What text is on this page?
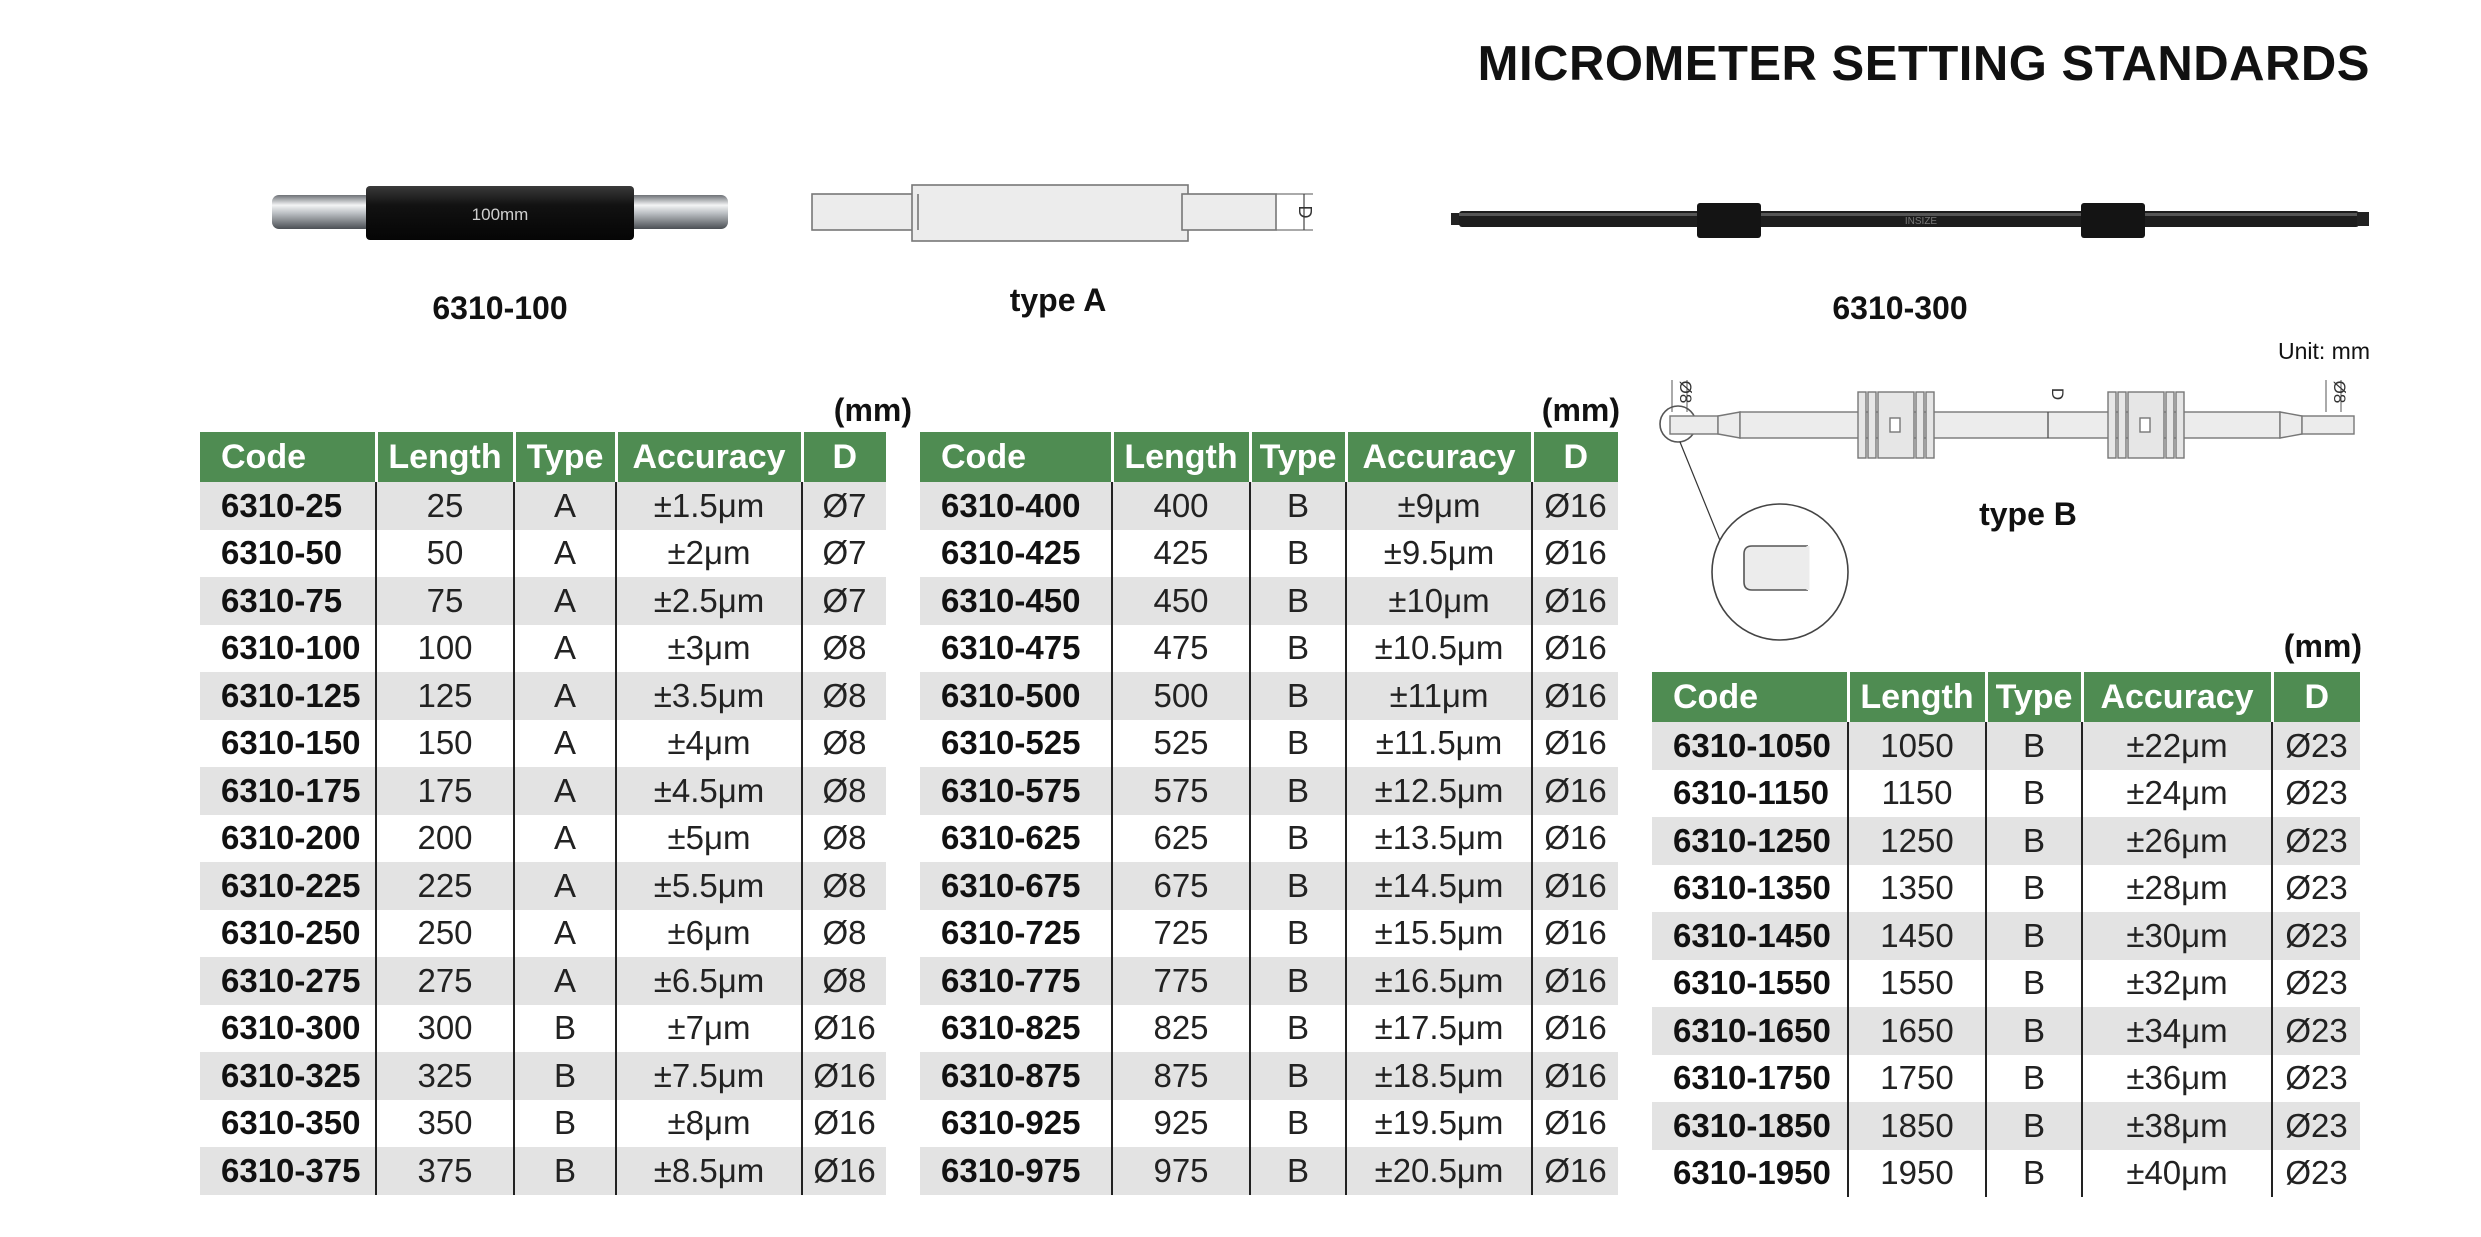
MICROMETER SETTING STANDARDS
100mm
6310-100
D
type A
INSIZE
6310-300
Unit: mm
Ø8	D	Ø8
type B
(mm)	(mm)
(mm)
Code	Length	Type	Accuracy	D
6310-25	25	A	±1.5μm	Ø7
6310-50	50	A	±2μm	Ø7
6310-75	75	A	±2.5μm	Ø7
6310-100	100	A	±3μm	Ø8
6310-125	125	A	±3.5μm	Ø8
6310-150	150	A	±4μm	Ø8
6310-175	175	A	±4.5μm	Ø8
6310-200	200	A	±5μm	Ø8
6310-225	225	A	±5.5μm	Ø8
6310-250	250	A	±6μm	Ø8
6310-275	275	A	±6.5μm	Ø8
6310-300	300	B	±7μm	Ø16
6310-325	325	B	±7.5μm	Ø16
6310-350	350	B	±8μm	Ø16
6310-375	375	B	±8.5μm	Ø16
Code	Length	Type	Accuracy	D
6310-400	400	B	±9μm	Ø16
6310-425	425	B	±9.5μm	Ø16
6310-450	450	B	±10μm	Ø16
6310-475	475	B	±10.5μm	Ø16
6310-500	500	B	±11μm	Ø16
6310-525	525	B	±11.5μm	Ø16
6310-575	575	B	±12.5μm	Ø16
6310-625	625	B	±13.5μm	Ø16
6310-675	675	B	±14.5μm	Ø16
6310-725	725	B	±15.5μm	Ø16
6310-775	775	B	±16.5μm	Ø16
6310-825	825	B	±17.5μm	Ø16
6310-875	875	B	±18.5μm	Ø16
6310-925	925	B	±19.5μm	Ø16
6310-975	975	B	±20.5μm	Ø16
Code	Length	Type	Accuracy	D
6310-1050	1050	B	±22μm	Ø23
6310-1150	1150	B	±24μm	Ø23
6310-1250	1250	B	±26μm	Ø23
6310-1350	1350	B	±28μm	Ø23
6310-1450	1450	B	±30μm	Ø23
6310-1550	1550	B	±32μm	Ø23
6310-1650	1650	B	±34μm	Ø23
6310-1750	1750	B	±36μm	Ø23
6310-1850	1850	B	±38μm	Ø23
6310-1950	1950	B	±40μm	Ø23
